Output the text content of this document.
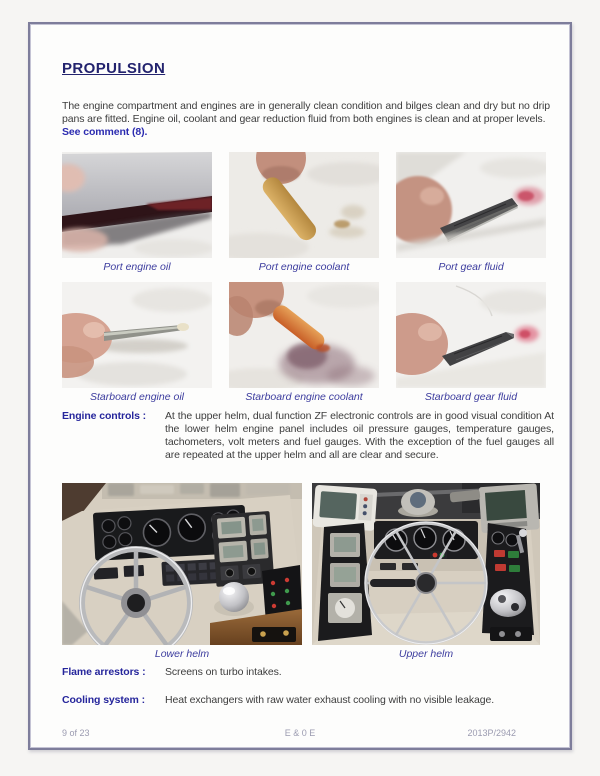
PROPULSION

The engine compartment and engines are in generally clean condition and bilges clean and dry but no drip pans are fitted. Engine oil, coolant and gear reduction fluid from both engines is clean and at proper levels.
See comment (8).

Port engine oil	Port engine coolant	Port gear fluid
Starboard engine oil	Starboard engine coolant	Starboard gear fluid
Engine controls :	At the upper helm, dual function ZF electronic controls are in good visual condition At the lower helm engine panel includes oil pressure gauges, temperature gauges, tachometers, volt meters and fuel gauges. With the exception of the fuel gauges all are repeated at the upper helm and all are clear and secure.
Lower helm	Upper helm
Flame arrestors :	Screens on turbo intakes.
Cooling system :	Heat exchangers with raw water exhaust cooling with no visible leakage.
9 of 23	E & 0 E	2013P/2942
